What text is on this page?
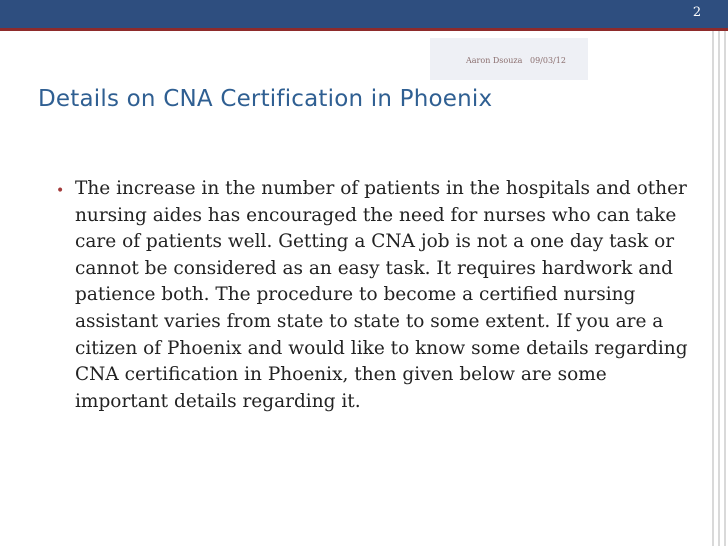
2
Aaron Dsouza 09/03/12
Details on CNA Certification in Phoenix
• The increase in the number of patients in the hospitals and other nursing aides has encouraged the need for nurses who can take care of patients well. Getting a CNA job is not a one day task or cannot be considered as an easy task. It requires hardwork and patience both. The procedure to become a certified nursing assistant varies from state to state to some extent. If you are a citizen of Phoenix and would like to know some details regarding CNA certification in Phoenix, then given below are some important details regarding it.
